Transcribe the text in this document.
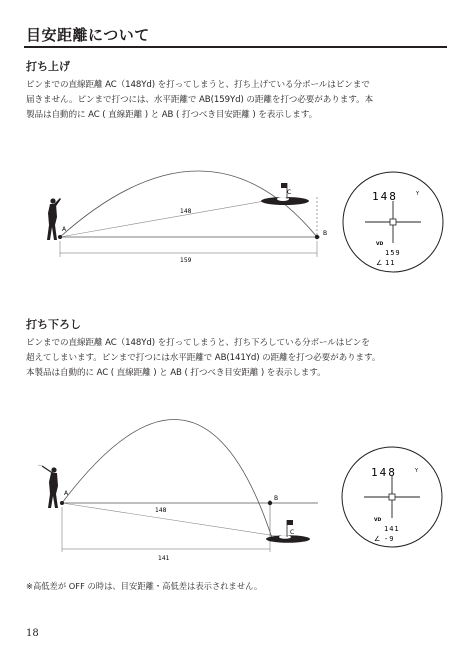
目安距離について
打ち上げ
ピンまでの直線距離 AC（148Yd) を打ってしまうと、打ち上げている分ボールはピンまで
届きません。ピンまで打つには、水平距離で AB(159Yd) の距離を打つ必要があります。本
製品は自動的に AC ( 直線距離 ) と AB ( 打つべき目安距離 ) を表示します。
A
B
C
148
159
148	Y
VD
159
∠ 11
打ち下ろし
ピンまでの直線距離 AC（148Yd) を打ってしまうと、打ち下ろしている分ボールはピンを
超えてしまいます。ピンまで打つには水平距離で AB(141Yd) の距離を打つ必要があります。
本製品は自動的に AC ( 直線距離 ) と AB ( 打つべき目安距離 ) を表示します。
A
B
C
148
141
148	Y
VD
141
∠ -9
※高低差が OFF の時は、目安距離・高低差は表示されません。
18
